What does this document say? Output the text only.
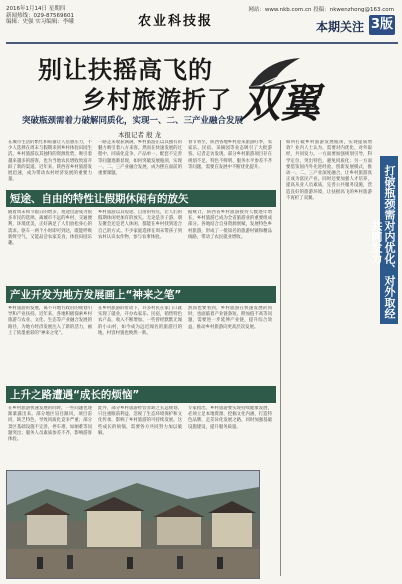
2016年1月14日 星期四
新闻热线：029-87569601
编辑：史强 实习编辑：李峨	农业科技报
网站：www.nkb.com.cn 投稿：nkwenzhong@163.com
本期关注 3版
别让扶摇高飞的
乡村旅游折了 双翼
突破瓶颈需着力破解同质化，实现一、二、三产业融合发展
本报记者 殷 龙
在城市生活的繁忙和喧嚣让人倍感压力，不少人选择在周末与假期来到乡村体验田园生活。乡村旅游以其独特的资源优势，吸引着越来越多的游客，也为当地农民增收致富开辟了新的渠道。近年来，陕西省乡村旅游发展迅速，成为带动农村经济发展的重要力量。
一路走来收获满满，乡村旅游正以其独有的魅力吸引着八方来客。然而在快速发展的过程中，同质化竞争、产品单一、配套不完善等问题逐渐显现，如何突破发展瓶颈，实现一、二、三产业融合发展，成为摆在面前的重要课题。
春节将至，陕西各地乡村迎来旅游旺季，农家乐、民宿、采摘园等业态吸引了大批游客。记者走访发现，部分乡村旅游项目存在规划不足、特色不鲜明、服务水平参差不齐等问题，需要在发展中不断优化提升。
如何打破乡村旅游发展瓶颈，实现提质增效？业内人士认为，需要对内优化、对外取经，共同发力。一方面要加强规划引导，科学定位，突出特色，避免同质化；另一方面要借鉴国内外先进经验，创新发展模式，推动一、二、三产业深度融合，让乡村旅游真正成为富民产业。同时还要加强人才培养，提高从业人员素质，完善公共服务设施，营造良好的旅游环境，让扶摇高飞的乡村旅游不再折了双翼。
短途、自由的特性让假期休闲有的放矢
随着周末和节假日的增多，短途出游成为很多市民的选择。离城市不远的乡村，交通便利，环境优美，正好满足了人们放松身心的需求。驱车一两个小时即可到达，既能呼吸新鲜空气，又能品尝农家美食，体验田园乐趣。
乡村旅游以其短途、自由的特点，让人们的假期休闲更加有的放矢。无论是亲子游、朋友聚会还是老人休闲，都能在乡村找到适合自己的方式。不少家庭选择在周末带孩子到农村认识农作物，参与农事体验。
据统计，陕西省乡村旅游接待人数逐年增长，乡村旅游已成为全省旅游业的重要组成部分。各地结合自身资源禀赋，发展特色乡村旅游，形成了一批知名的旅游村镇和精品线路，带动了农民就业增收。
产业开发为地方发展画上“神来之笔”
乡村旅游的发展，离不开地方政府的规划引导和产业扶持。近年来，各地积极探索乡村旅游与农业、文化、生态等产业融合发展的路径，为地方经济发展注入了新的活力，画上了浓墨重彩的“神来之笔”。
在乡村旅游的带动下，许多村民在家门口就实现了就业，开办农家乐、民宿，销售特色农产品，收入不断增加。一些曾经默默无闻的小山村，如今成为远近闻名的旅游目的地，村容村貌也焕然一新。
然而也要看到，乡村旅游在快速发展的同时，也面临着产业链条短、附加值不高等问题，需要进一步延伸产业链，提升综合效益，推动乡村旅游向更高层次发展。
上升之路遭遇“成长的烦恼”
在乡村旅游快速发展的同时，一些问题也逐渐暴露出来。部分地区盲目跟风，项目雷同，缺乏特色，导致同质化竞争严重；部分景区基础设施不完善，停车难、如厕难等问题突出；服务人员素质参差不齐，影响游客体验。
此外，部分乡村旅游经营者缺乏长远规划，只注重眼前利益，忽视了生态环境保护和文化传承，影响了乡村旅游的可持续发展。这些成长的烦恼，需要各方共同努力加以破解。
专家指出，乡村旅游要实现持续健康发展，必须立足本地资源，挖掘文化内涵，打造特色品牌，走差异化发展之路，同时加强基础设施建设，提升服务质量。
打破瓶颈需对内优化、对外取经共同发力
